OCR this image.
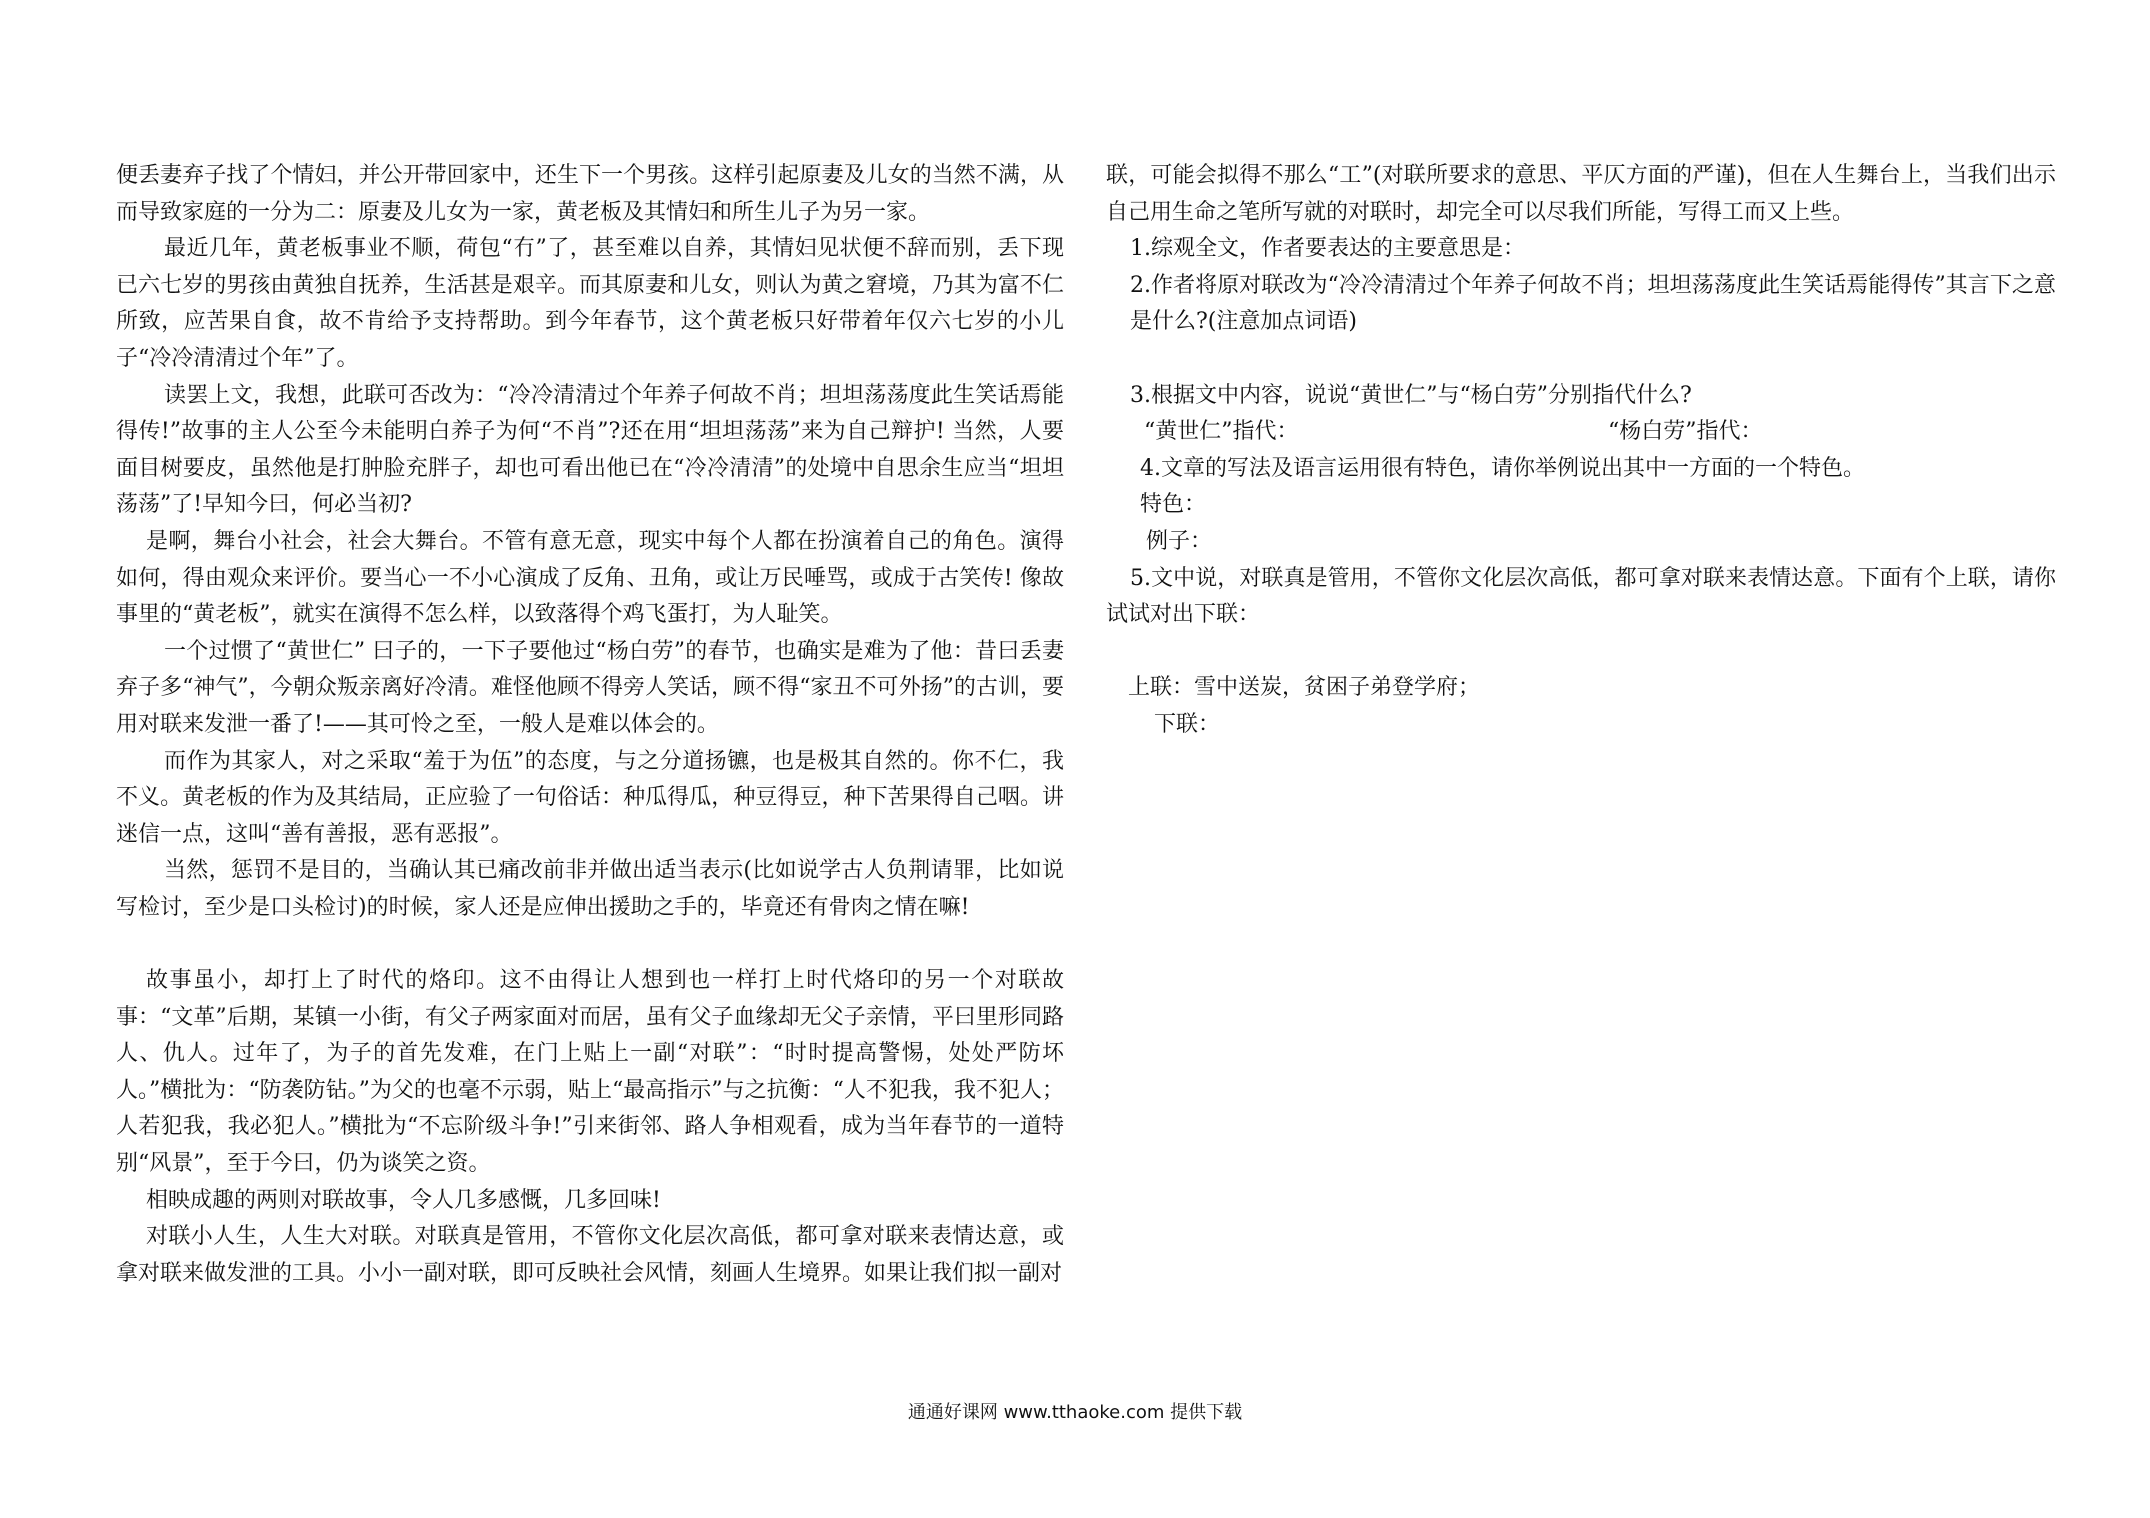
便丢妻弃子找了个情妇，并公开带回家中，还生下一个男孩。这样引起原妻及儿女的当然不满，从而导致家庭的一分为二：原妻及儿女为一家，黄老板及其情妇和所生儿子为另一家。

最近几年，黄老板事业不顺，荷包“冇”了，甚至难以自养，其情妇见状便不辞而别，丢下现已六七岁的男孩由黄独自抚养，生活甚是艰辛。而其原妻和儿女，则认为黄之窘境，乃其为富不仁所致，应苦果自食，故不肯给予支持帮助。到今年春节，这个黄老板只好带着年仅六七岁的小儿子“冷冷清清过个年”了。

读罢上文，我想，此联可否改为：“冷冷清清过个年养子何故不肖；坦坦荡荡度此生笑话焉能得传!”故事的主人公至今未能明白养子为何“不肖”?还在用“坦坦荡荡”来为自己辩护! 当然，人要面目树要皮，虽然他是打肿脸充胖子，却也可看出他已在“冷冷清清”的处境中自思余生应当“坦坦荡荡”了!早知今曰，何必当初?

是啊，舞台小社会，社会大舞台。不管有意无意，现实中每个人都在扮演着自己的角色。演得如何，得由观众来评价。要当心一不小心演成了反角、丑角，或让万民唾骂，或成于古笑传! 像故事里的“黄老板”，就实在演得不怎么样，以致落得个鸡飞蛋打，为人耻笑。

一个过惯了“黄世仁” 曰子的，一下子要他过“杨白劳”的春节，也确实是难为了他：昔曰丢妻弃子多“神气”，今朝众叛亲离好冷清。难怪他顾不得旁人笑话，顾不得“家丑不可外扬”的古训，要用对联来发泄一番了!——其可怜之至，一般人是难以体会的。

而作为其家人，对之采取“羞于为伍”的态度，与之分道扬镳，也是极其自然的。你不仁，我不义。黄老板的作为及其结局，正应验了一句俗话：种瓜得瓜，种豆得豆，种下苦果得自己咽。讲迷信一点，这叫“善有善报，恶有恶报”。

当然，惩罚不是目的，当确认其已痛改前非并做出适当表示(比如说学古人负荆请罪，比如说写检讨，至少是口头检讨)的时候，家人还是应伸出援助之手的，毕竟还有骨肉之情在嘛!

故事虽小，却打上了时代的烙印。这不由得让人想到也一样打上时代烙印的另一个对联故事：“文革”后期，某镇一小街，有父子两家面对而居，虽有父子血缘却无父子亲情，平曰里形同路人、仇人。过年了，为子的首先发难，在门上贴上一副“对联”：“时时提高警惕，处处严防坏人。”横批为：“防袭防钻。”为父的也毫不示弱，贴上“最高指示”与之抗衡：“人不犯我，我不犯人；人若犯我，我必犯人。”横批为“不忘阶级斗争!”引来街邻、路人争相观看，成为当年春节的一道特别“风景”，至于今曰，仍为谈笑之资。

相映成趣的两则对联故事，令人几多感慨，几多回味!

对联小人生，人生大对联。对联真是管用，不管你文化层次高低，都可拿对联来表情达意，或拿对联来做发泄的工具。小小一副对联，即可反映社会风情，刻画人生境界。如果让我们拟一副对

联，可能会拟得不那么“工”(对联所要求的意思、平仄方面的严谨)，但在人生舞台上，当我们出示自己用生命之笔所写就的对联时，却完全可以尽我们所能，写得工而又上些。

1.综观全文，作者要表达的主要意思是：

2.作者将原对联改为“冷冷清清过个年养子何故不肖；坦坦荡荡度此生笑话焉能得传”其言下之意是什么?(注意加点词语)

3.根据文中内容，说说“黄世仁”与“杨白劳”分别指代什么?

“黄世仁”指代：	“杨白劳”指代：

4.文章的写法及语言运用很有特色，请你举例说出其中一方面的一个特色。

特色：

例子：

5.文中说，对联真是管用，不管你文化层次高低，都可拿对联来表情达意。下面有个上联，请你试试对出下联：

上联：雪中送炭，贫困子弟登学府；

下联：

通通好课网 www.tthaoke.com 提供下载
